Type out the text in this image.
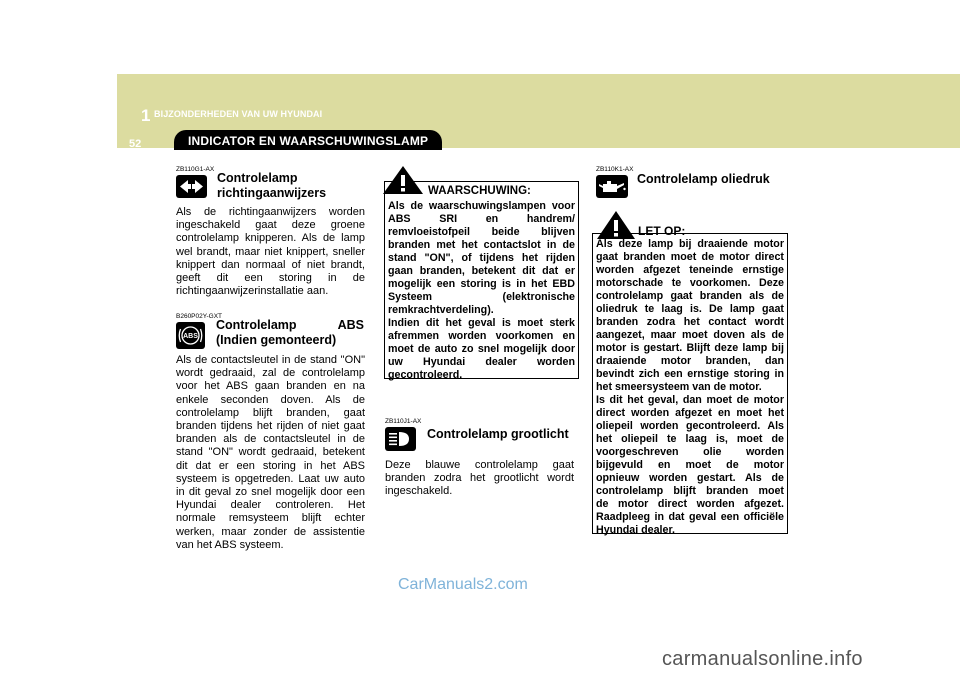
1 BIJZONDERHEDEN VAN UW HYUNDAI
52	INDICATOR EN WAARSCHUWINGSLAMP
ZB110G1-AX
Controlelamp
richtingaanwijzers
Als de richtingaanwijzers worden
ingeschakeld gaat deze groene
controlelamp knipperen. Als de lamp
wel brandt, maar niet knippert, sneller
knippert dan normaal of niet brandt,
geeft dit een storing in de
richtingaanwijzerinstallatie aan.
B260P02Y-GXT
ABS
Controlelamp ABS
(Indien gemonteerd)
Als de contactsleutel in de stand "ON"
wordt gedraaid, zal de controlelamp
voor het ABS gaan branden en na
enkele seconden doven. Als de
controlelamp blijft branden, gaat
branden tijdens het rijden of niet gaat
branden als de contactsleutel in de
stand "ON" wordt gedraaid, betekent
dit dat er een storing in het ABS
systeem is opgetreden. Laat uw auto
in dit geval zo snel mogelijk door een
Hyundai dealer controleren. Het
normale remsysteem blijft echter
werken, maar zonder de assistentie
van het ABS systeem.
WAARSCHUWING:
Als de waarschuwingslampen voor
ABS SRI en handrem/
remvloeistofpeil beide blijven
branden met het contactslot in de
stand "ON", of tijdens het rijden
gaan branden, betekent dit dat er
mogelijk een storing is in het EBD
Systeem (elektronische
remkrachtverdeling).
Indien dit het geval is moet sterk
afremmen worden voorkomen en
moet de auto zo snel mogelijk door
uw Hyundai dealer worden
gecontroleerd.
ZB110J1-AX
Controlelamp grootlicht
Deze blauwe controlelamp gaat
branden zodra het grootlicht wordt
ingeschakeld.
ZB110K1-AX
Controlelamp oliedruk
LET OP:
Als deze lamp bij draaiende motor
gaat branden moet de motor direct
worden afgezet teneinde ernstige
motorschade te voorkomen. Deze
controlelamp gaat branden als de
oliedruk te laag is. De lamp gaat
branden zodra het contact wordt
aangezet, maar moet doven als de
motor is gestart. Blijft deze lamp bij
draaiende motor branden, dan
bevindt zich een ernstige storing in
het smeersysteem van de motor.
Is dit het geval, dan moet de motor
direct worden afgezet en moet het
oliepeil worden gecontroleerd. Als
het oliepeil te laag is, moet de
voorgeschreven olie worden
bijgevuld en moet de motor
opnieuw worden gestart. Als de
controlelamp blijft branden moet
de motor direct worden afgezet.
Raadpleeg in dat geval een officiële
Hyundai dealer.
CarManuals2.com
carmanualsonline.info
